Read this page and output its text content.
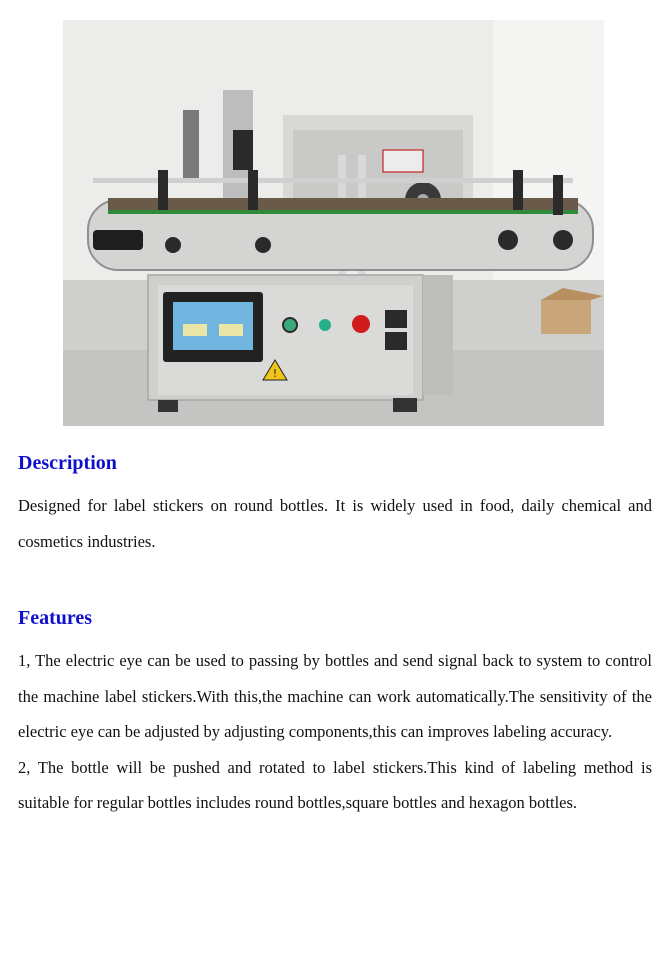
!
Description

Designed for label stickers on round bottles. It is widely used in food, daily chemical and cosmetics industries.

Features

1, The electric eye can be used to passing by bottles and send signal back to system to control the machine label stickers.With this,the machine can work automatically.The sensitivity of the electric eye can be adjusted by adjusting components,this can improves labeling accuracy.
2, The bottle will be pushed and rotated to label stickers.This kind of labeling method is suitable for regular bottles includes round bottles,square bottles and hexagon bottles.
